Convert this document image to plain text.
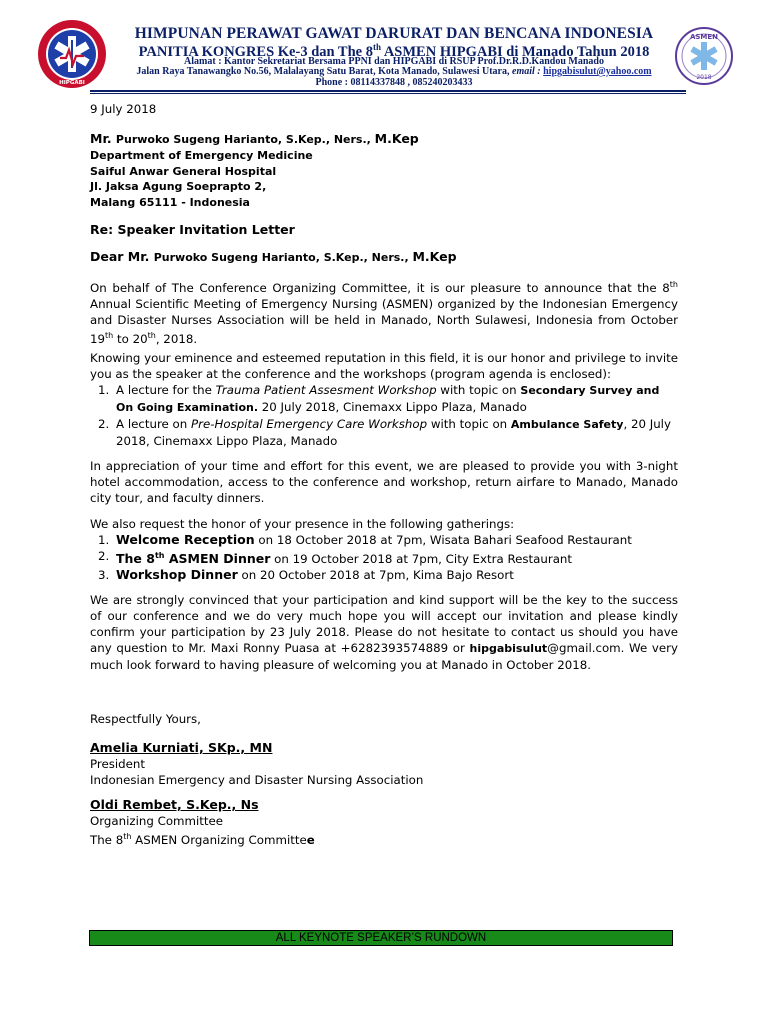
HIPGABI
ASMEN
2018
HIMPUNAN PERAWAT GAWAT DARURAT DAN BENCANA INDONESIA
PANITIA KONGRES Ke-3 dan The 8th ASMEN HIPGABI di Manado Tahun 2018
Alamat : Kantor Sekretariat Bersama PPNI dan HIPGABI di RSUP Prof.Dr.R.D.Kandou Manado
Jalan Raya Tanawangko No.56, Malalayang Satu Barat, Kota Manado, Sulawesi Utara, email : hipgabisulut@yahoo.com
Phone : 08114337848 , 085240203433
9 July 2018
Mr. Purwoko Sugeng Harianto, S.Kep., Ners., M.Kep
Department of Emergency Medicine
Saiful Anwar General Hospital
Jl. Jaksa Agung Soeprapto 2,
Malang 65111 - Indonesia
Re: Speaker Invitation Letter
Dear Mr. Purwoko Sugeng Harianto, S.Kep., Ners., M.Kep

On behalf of The Conference Organizing Committee, it is our pleasure to announce that the 8th Annual Scientific Meeting of Emergency Nursing (ASMEN) organized by the Indonesian Emergency and Disaster Nurses Association will be held in Manado, North Sulawesi, Indonesia from October 19th to 20th, 2018.

Knowing your eminence and esteemed reputation in this field, it is our honor and privilege to invite you as the speaker at the conference and the workshops (program agenda is enclosed):

1. A lecture for the Trauma Patient Assesment Workshop with topic on Secondary Survey and On Going Examination. 20 July 2018, Cinemaxx Lippo Plaza, Manado
2. A lecture on Pre-Hospital Emergency Care Workshop with topic on Ambulance Safety, 20 July 2018, Cinemaxx Lippo Plaza, Manado

In appreciation of your time and effort for this event, we are pleased to provide you with 3-night hotel accommodation, access to the conference and workshop, return airfare to Manado, Manado city tour, and faculty dinners.

We also request the honor of your presence in the following gatherings:

1. Welcome Reception on 18 October 2018 at 7pm, Wisata Bahari Seafood Restaurant
2. The 8th ASMEN Dinner on 19 October 2018 at 7pm, City Extra Restaurant
3. Workshop Dinner on 20 October 2018 at 7pm, Kima Bajo Resort

We are strongly convinced that your participation and kind support will be the key to the success of our conference and we do very much hope you will accept our invitation and please kindly confirm your participation by 23 July 2018. Please do not hesitate to contact us should you have any question to Mr. Maxi Ronny Puasa at +6282393574889 or hipgabisulut@gmail.com. We very much look forward to having pleasure of welcoming you at Manado in October 2018.

Respectfully Yours,
Amelia Kurniati, SKp., MN
President
Indonesian Emergency and Disaster Nursing Association
Oldi Rembet, S.Kep., Ns
Organizing Committee
The 8th ASMEN Organizing Committee
ALL KEYNOTE SPEAKER’S RUNDOWN
